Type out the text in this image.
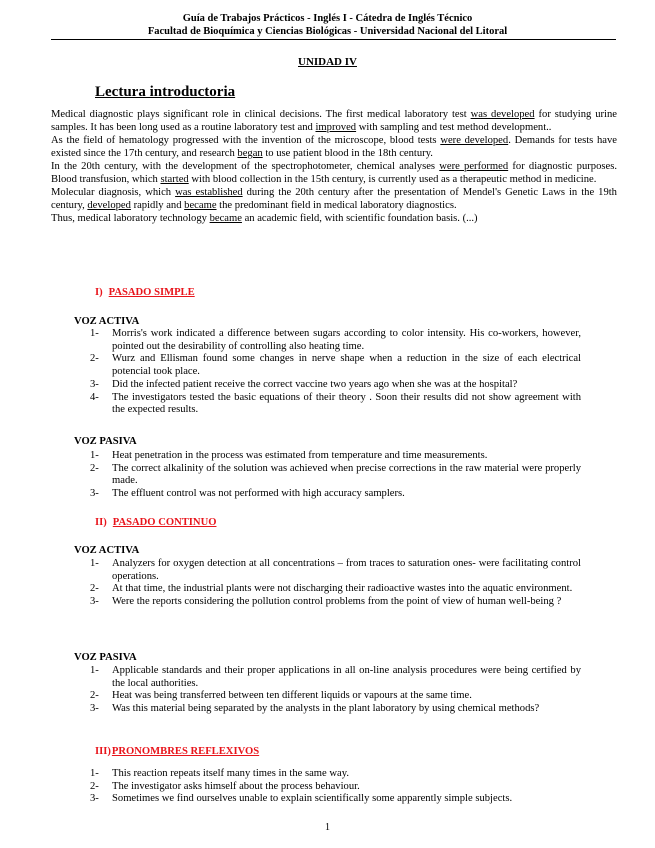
Guía de Trabajos Prácticos - Inglés I - Cátedra de Inglés Técnico
Facultad de Bioquímica y Ciencias Biológicas - Universidad Nacional del Litoral
UNIDAD IV
Lectura introductoria

Medical diagnostic plays significant role in clinical decisions. The first medical laboratory test was developed for studying urine samples. It has been long used as a routine laboratory test and improved with sampling and test method development..

As the field of hematology progressed with the invention of the microscope, blood tests were developed. Demands for tests have existed since the 17th century, and research began to use patient blood in the 18th century.

In the 20th century, with the development of the spectrophotometer, chemical analyses were performed for diagnostic purposes. Blood transfusion, which started with blood collection in the 15th century, is currently used as a therapeutic method in medicine.

Molecular diagnosis, which was established during the 20th century after the presentation of Mendel's Genetic Laws in the 19th century, developed rapidly and became the predominant field in medical laboratory diagnostics.

Thus, medical laboratory technology became an academic field, with scientific foundation basis. (...)

I) PASADO SIMPLE
VOZ ACTIVA
1- Morris's work indicated a difference between sugars according to color intensity. His co-workers, however, pointed out the desirability of controlling also heating time.
2- Wurz and Ellisman found some changes in nerve shape when a reduction in the size of each electrical potencial took place.
3- Did the infected patient receive the correct vaccine two years ago when she was at the hospital?
4- The investigators tested the basic equations of their theory . Soon their results did not show agreement with the expected results.
VOZ PASIVA
1- Heat penetration in the process was estimated from temperature and time measurements.
2- The correct alkalinity of the solution was achieved when precise corrections in the raw material were properly made.
3- The effluent control was not performed with high accuracy samplers.
II) PASADO CONTINUO
VOZ ACTIVA
1- Analyzers for oxygen detection at all concentrations – from traces to saturation ones- were facilitating control operations.
2- At that time, the industrial plants were not discharging their radioactive wastes into the aquatic environment.
3- Were the reports considering the pollution control problems from the point of view of human well-being ?
VOZ PASIVA
1- Applicable standards and their proper applications in all on-line analysis procedures were being certified by the local authorities.
2- Heat was being transferred between ten different liquids or vapours at the same time.
3- Was this material being separated by the analysts in the plant laboratory by using chemical methods?
III)PRONOMBRES REFLEXIVOS
1- This reaction repeats itself many times in the same way.
2- The investigator asks himself about the process behaviour.
3- Sometimes we find ourselves unable to explain scientifically some apparently simple subjects.
1
